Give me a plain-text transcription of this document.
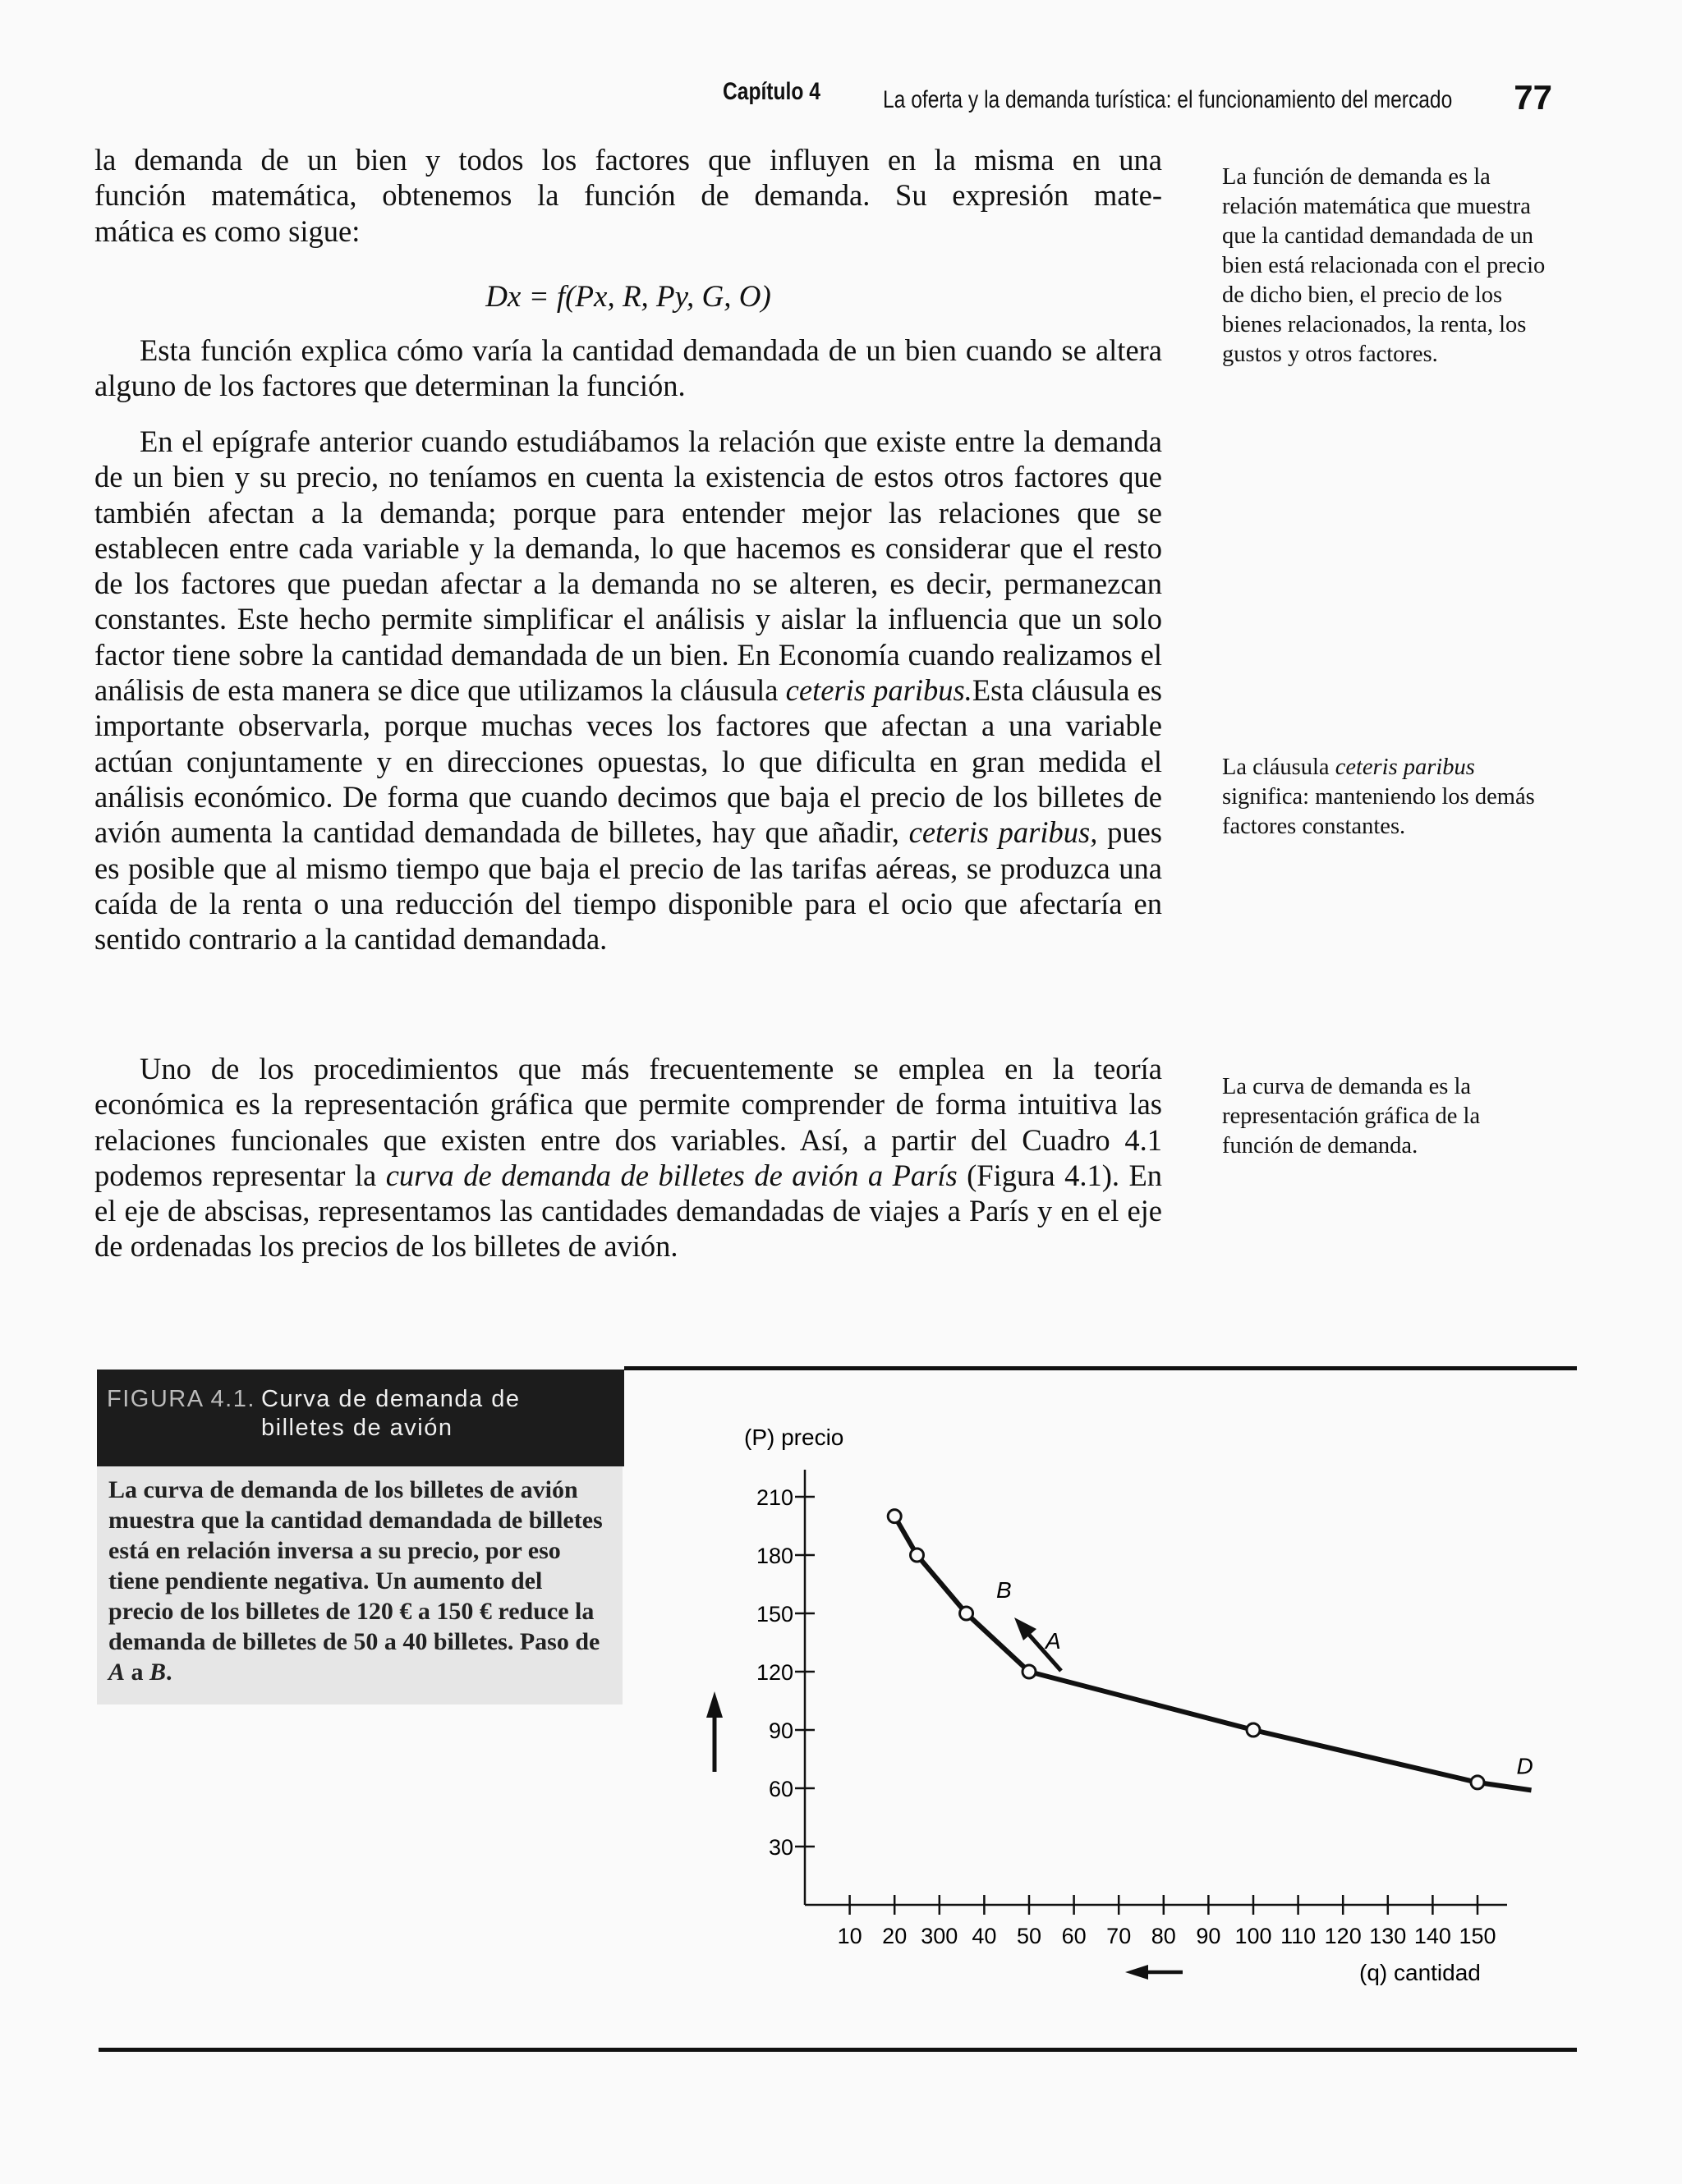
Capítulo 4	La oferta y la demanda turística: el funcionamiento del mercado 77
la demanda de un bien y todos los factores que influyen en la misma en una
función matemática, obtenemos la función de demanda. Su expresión mate-
mática es como sigue:
Dx = f(Px, R, Py, G, O)

Esta función explica cómo varía la cantidad demandada de un bien cuando se altera alguno de los factores que determinan la función.

En el epígrafe anterior cuando estudiábamos la relación que existe entre la demanda de un bien y su precio, no teníamos en cuenta la existencia de estos otros factores que también afectan a la demanda; porque para entender mejor las relaciones que se establecen entre cada variable y la demanda, lo que hacemos es considerar que el resto de los factores que puedan afectar a la demanda no se alteren, es decir, permanezcan constantes. Este hecho permite simplificar el análisis y aislar la influencia que un solo factor tiene sobre la cantidad demandada de un bien. En Economía cuando realizamos el análisis de esta manera se dice que utilizamos la cláusula ceteris paribus.Esta cláusula es importante observarla, porque muchas veces los factores que afectan a una variable actúan conjuntamente y en direcciones opuestas, lo que dificulta en gran medida el análisis económico. De forma que cuando decimos que baja el precio de los billetes de avión aumenta la cantidad demandada de billetes, hay que añadir, ceteris paribus, pues es posible que al mismo tiempo que baja el precio de las tarifas aéreas, se produzca una caída de la renta o una reducción del tiempo disponible para el ocio que afectaría en sentido contrario a la cantidad demandada.

Uno de los procedimientos que más frecuentemente se emplea en la teoría económica es la representación gráfica que permite comprender de forma intuitiva las relaciones funcionales que existen entre dos variables. Así, a partir del Cuadro 4.1 podemos representar la curva de demanda de billetes de avión a París (Figura 4.1). En el eje de abscisas, representamos las cantidades demandadas de viajes a París y en el eje de ordenadas los precios de los billetes de avión.

La función de demanda es la relación matemática que muestra que la cantidad demandada de un bien está relacionada con el precio de dicho bien, el precio de los bienes relacionados, la renta, los gustos y otros factores.
La cláusula ceteris paribus significa: manteniendo los demás factores constantes.
La curva de demanda es la representación gráfica de la función de demanda.
FIGURA 4.1. Curva de demanda de billetes de avión
La curva de demanda de los billetes de avión muestra que la cantidad demandada de billetes está en relación inversa a su precio, por eso tiene pendiente negativa. Un aumento del precio de los billetes de 120 € a 150 € reduce la demanda de billetes de 50 a 40 billetes. Paso de A a B.
(P) precio
210
180
150
120
90
60
30
10 20 300 40 50 60 70 80 90 100 110 120 130 140 150
A
B
D
(q) cantidad
